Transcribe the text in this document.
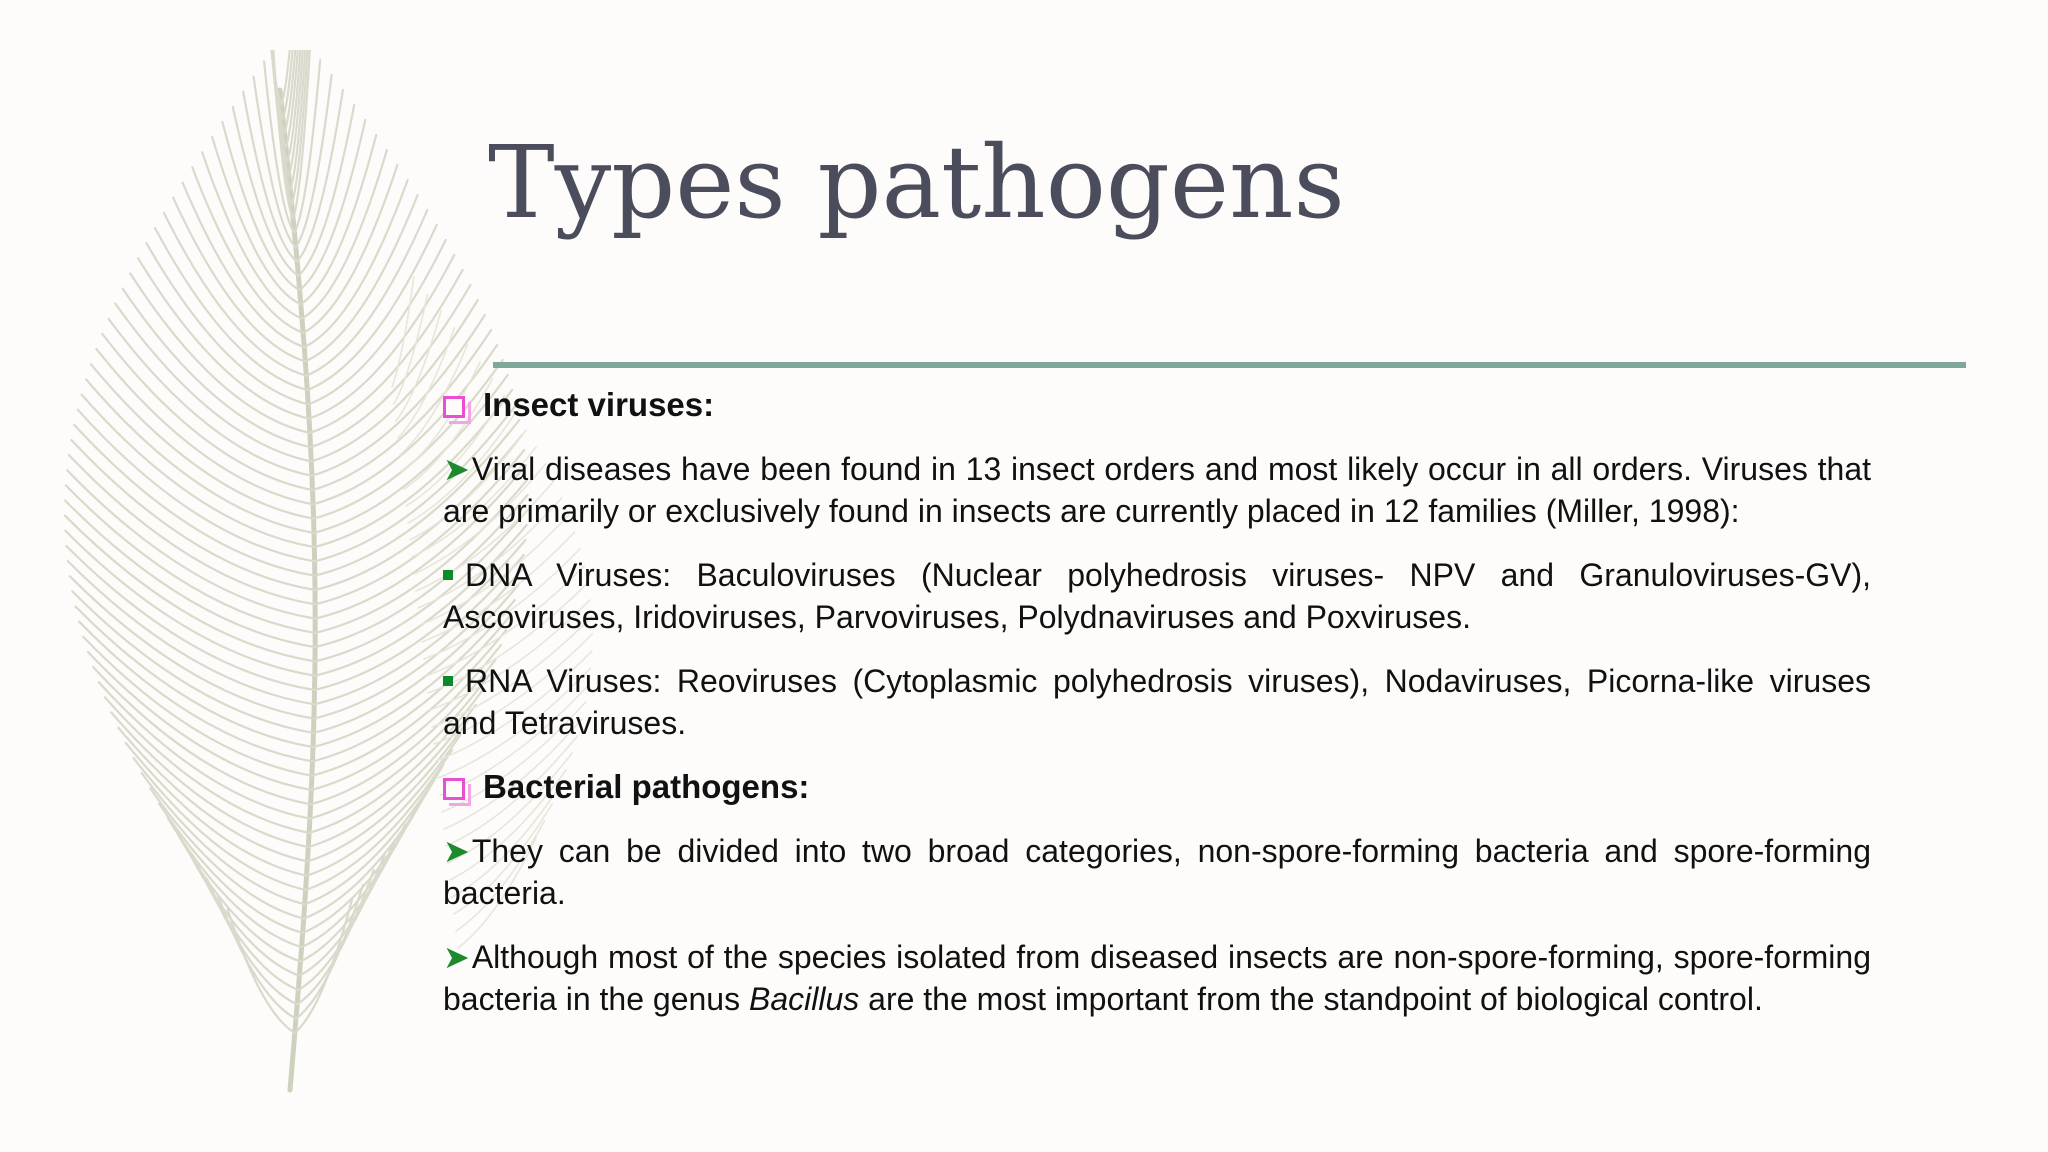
Types pathogens

Insect viruses:

➤Viral diseases have been found in 13 insect orders and most likely occur in all orders. Viruses that are primarily or exclusively found in insects are currently placed in 12 families (Miller, 1998):

DNA Viruses: Baculoviruses (Nuclear polyhedrosis viruses- NPV and Granuloviruses-GV), Ascoviruses, Iridoviruses, Parvoviruses, Polydnaviruses and Poxviruses.

RNA Viruses: Reoviruses (Cytoplasmic polyhedrosis viruses), Nodaviruses, Picorna-like viruses and Tetraviruses.

Bacterial pathogens:

➤They can be divided into two broad categories, non-spore-forming bacteria and spore-forming bacteria.

➤Although most of the species isolated from diseased insects are non-spore-forming, spore-forming bacteria in the genus Bacillus are the most important from the standpoint of biological control.
